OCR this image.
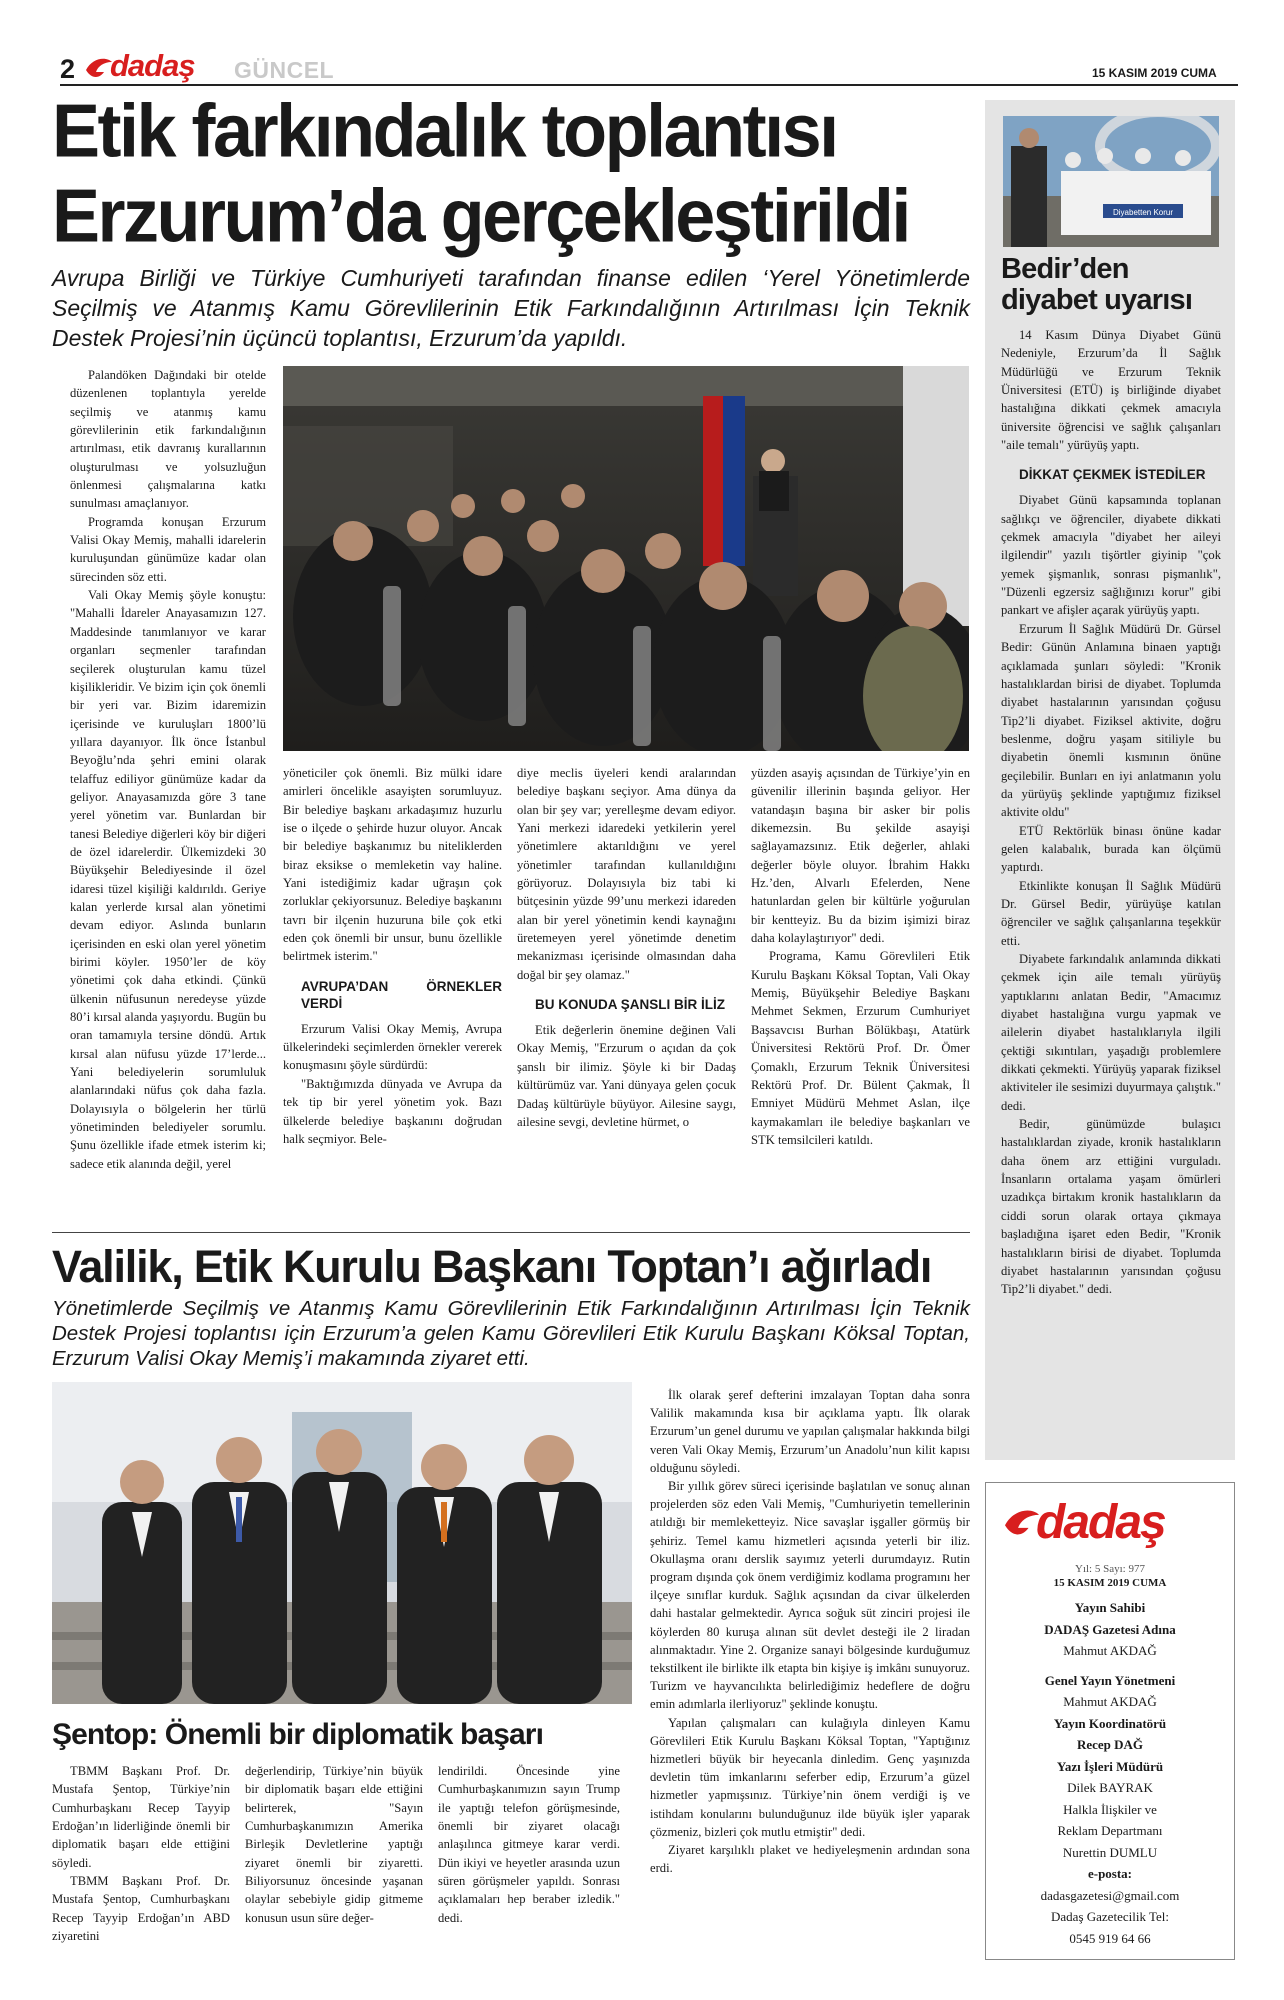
2 dadaş GÜNCEL	15 KASIM 2019 CUMA
Etik farkındalık toplantısı
Erzurum’da gerçekleştirildi
Avrupa Birliği ve Türkiye Cumhuriyeti tarafından finanse edilen ‘Yerel Yönetimlerde Seçilmiş ve Atanmış Kamu Görevlilerinin Etik Farkındalığının Artırılması İçin Teknik Destek Projesi’nin üçüncü toplantısı, Erzurum’da yapıldı.

Palandöken Dağındaki bir otelde düzenlenen toplantıyla yerelde seçilmiş ve atanmış kamu görevlilerinin etik farkındalığının artırılması, etik davranış kurallarının oluşturulması ve yolsuzluğun önlenmesi çalışmalarına katkı sunulması amaçlanıyor.

Programda konuşan Erzurum Valisi Okay Memiş, mahalli idarelerin kuruluşundan günümüze kadar olan sürecinden söz etti.

Vali Okay Memiş şöyle konuştu: "Mahalli İdareler Anayasamızın 127. Maddesinde tanımlanıyor ve karar organları seçmenler tarafından seçilerek oluşturulan kamu tüzel kişilikleridir. Ve bizim için çok önemli bir yeri var. Bizim idaremizin içerisinde ve kuruluşları 1800’lü yıllara dayanıyor. İlk önce İstanbul Beyoğlu’nda şehri emini olarak telaffuz ediliyor günümüze kadar da geliyor. Anayasamızda göre 3 tane yerel yönetim var. Bunlardan bir tanesi Belediye diğerleri köy bir diğeri de özel idarelerdir. Ülkemizdeki 30 Büyükşehir Belediyesinde il özel idaresi tüzel kişiliği kaldırıldı. Geriye kalan yerlerde kırsal alan yönetimi devam ediyor. Aslında bunların içerisinden en eski olan yerel yönetim birimi köyler. 1950’ler de köy yönetimi çok daha etkindi. Çünkü ülkenin nüfusunun neredeyse yüzde 80’i kırsal alanda yaşıyordu. Bugün bu oran tamamıyla tersine döndü. Artık kırsal alan nüfusu yüzde 17’lerde... Yani belediyelerin sorumluluk alanlarındaki nüfus çok daha fazla. Dolayısıyla o bölgelerin her türlü yönetiminden belediyeler sorumlu. Şunu özellikle ifade etmek isterim ki; sadece etik alanında değil, yerel

yöneticiler çok önemli. Biz mülki idare amirleri öncelikle asayişten sorumluyuz. Bir belediye başkanı arkadaşımız huzurlu ise o ilçede o şehirde huzur oluyor. Ancak bir belediye başkanımız bu niteliklerden biraz eksikse o memleketin vay haline. Yani istediğimiz kadar uğraşın çok zorluklar çekiyorsunuz. Belediye başkanını tavrı bir ilçenin huzuruna bile çok etki eden çok önemli bir unsur, bunu özellikle belirtmek isterim."

AVRUPA’DAN ÖRNEKLER VERDİ

Erzurum Valisi Okay Memiş, Avrupa ülkelerindeki seçimlerden örnekler vererek konuşmasını şöyle sürdürdü:

"Baktığımızda dünyada ve Avrupa da tek tip bir yerel yönetim yok. Bazı ülkelerde belediye başkanını doğrudan halk seçmiyor. Bele-

diye meclis üyeleri kendi aralarından belediye başkanı seçiyor. Ama dünya da olan bir şey var; yerelleşme devam ediyor. Yani merkezi idaredeki yetkilerin yerel yönetimlere aktarıldığını ve yerel yönetimler tarafından kullanıldığını görüyoruz. Dolayısıyla biz tabi ki bütçesinin yüzde 99’unu merkezi idareden alan bir yerel yönetimin kendi kaynağını üretemeyen yerel yönetimde denetim mekanizması içerisinde olmasından daha doğal bir şey olamaz."

BU KONUDA ŞANSLI BİR İLİZ

Etik değerlerin önemine değinen Vali Okay Memiş, "Erzurum o açıdan da çok şanslı bir ilimiz. Şöyle ki bir Dadaş kültürümüz var. Yani dünyaya gelen çocuk Dadaş kültürüyle büyüyor. Ailesine saygı, ailesine sevgi, devletine hürmet, o

yüzden asayiş açısından de Türkiye’yin en güvenilir illerinin başında geliyor. Her vatandaşın başına bir asker bir polis dikemezsin. Bu şekilde asayişi sağlayamazsınız. Etik değerler, ahlaki değerler böyle oluyor. İbrahim Hakkı Hz.’den, Alvarlı Efelerden, Nene hatunlardan gelen bir kültürle yoğurulan bir kentteyiz. Bu da bizim işimizi biraz daha kolaylaştırıyor" dedi.

Programa, Kamu Görevlileri Etik Kurulu Başkanı Köksal Toptan, Vali Okay Memiş, Büyükşehir Belediye Başkanı Mehmet Sekmen, Erzurum Cumhuriyet Başsavcısı Burhan Bölükbaşı, Atatürk Üniversitesi Rektörü Prof. Dr. Ömer Çomaklı, Erzurum Teknik Üniversitesi Rektörü Prof. Dr. Bülent Çakmak, İl Emniyet Müdürü Mehmet Aslan, ilçe kaymakamları ile belediye başkanları ve STK temsilcileri katıldı.

Diyabetten Korur
Bedir’den
diyabet uyarısı

14 Kasım Dünya Diyabet Günü Nedeniyle, Erzurum’da İl Sağlık Müdürlüğü ve Erzurum Teknik Üniversitesi (ETÜ) iş birliğinde diyabet hastalığına dikkati çekmek amacıyla üniversite öğrencisi ve sağlık çalışanları "aile temalı" yürüyüş yaptı.

DİKKAT ÇEKMEK İSTEDİLER

Diyabet Günü kapsamında toplanan sağlıkçı ve öğrenciler, diyabete dikkati çekmek amacıyla "diyabet her aileyi ilgilendir" yazılı tişörtler giyinip "çok yemek şişmanlık, sonrası pişmanlık", "Düzenli egzersiz sağlığınızı korur" gibi pankart ve afişler açarak yürüyüş yaptı.

Erzurum İl Sağlık Müdürü Dr. Gürsel Bedir: Günün Anlamına binaen yaptığı açıklamada şunları söyledi: "Kronik hastalıklardan birisi de diyabet. Toplumda diyabet hastalarının yarısından çoğusu Tip2’li diyabet. Fiziksel aktivite, doğru beslenme, doğru yaşam sitiliyle bu diyabetin önemli kısmının önüne geçilebilir. Bunları en iyi anlatmanın yolu da yürüyüş şeklinde yaptığımız fiziksel aktivite oldu"

ETÜ Rektörlük binası önüne kadar gelen kalabalık, burada kan ölçümü yaptırdı.

Etkinlikte konuşan İl Sağlık Müdürü Dr. Gürsel Bedir, yürüyüşe katılan öğrenciler ve sağlık çalışanlarına teşekkür etti.

Diyabete farkındalık anlamında dikkati çekmek için aile temalı yürüyüş yaptıklarını anlatan Bedir, "Amacımız diyabet hastalığına vurgu yapmak ve ailelerin diyabet hastalıklarıyla ilgili çektiği sıkıntıları, yaşadığı problemlere dikkati çekmekti. Yürüyüş yaparak fiziksel aktiviteler ile sesimizi duyurmaya çalıştık." dedi.

Bedir, günümüzde bulaşıcı hastalıklardan ziyade, kronik hastalıkların daha önem arz ettiğini vurguladı. İnsanların ortalama yaşam ömürleri uzadıkça birtakım kronik hastalıkların da ciddi sorun olarak ortaya çıkmaya başladığına işaret eden Bedir, "Kronik hastalıkların birisi de diyabet. Toplumda diyabet hastalarının yarısından çoğusu Tip2’li diyabet." dedi.

Valilik, Etik Kurulu Başkanı Toptan’ı ağırladı
Yönetimlerde Seçilmiş ve Atanmış Kamu Görevlilerinin Etik Farkındalığının Artırılması İçin Teknik Destek Projesi toplantısı için Erzurum’a gelen Kamu Görevlileri Etik Kurulu Başkanı Köksal Toptan, Erzurum Valisi Okay Memiş’i makamında ziyaret etti.

İlk olarak şeref defterini imzalayan Toptan daha sonra Valilik makamında kısa bir açıklama yaptı. İlk olarak Erzurum’un genel durumu ve yapılan çalışmalar hakkında bilgi veren Vali Okay Memiş, Erzurum’un Anadolu’nun kilit kapısı olduğunu söyledi.

Bir yıllık görev süreci içerisinde başlatılan ve sonuç alınan projelerden söz eden Vali Memiş, "Cumhuriyetin temellerinin atıldığı bir memleketteyiz. Nice savaşlar işgaller görmüş bir şehiriz. Temel kamu hizmetleri açısında yeterli bir iliz. Okullaşma oranı derslik sayımız yeterli durumdayız. Rutin program dışında çok önem verdiğimiz kodlama programını her ilçeye sınıflar kurduk. Sağlık açısından da civar ülkelerden dahi hastalar gelmektedir. Ayrıca soğuk süt zinciri projesi ile köylerden 80 kuruşa alınan süt devlet desteği ile 2 liradan alınmaktadır. Yine 2. Organize sanayi bölgesinde kurduğumuz tekstilkent ile birlikte ilk etapta bin kişiye iş imkânı sunuyoruz. Turizm ve hayvancılıkta belirlediğimiz hedeflere de doğru emin adımlarla ilerliyoruz" şeklinde konuştu.

Yapılan çalışmaları can kulağıyla dinleyen Kamu Görevlileri Etik Kurulu Başkanı Köksal Toptan, "Yaptığınız hizmetleri büyük bir heyecanla dinledim. Genç yaşınızda devletin tüm imkanlarını seferber edip, Erzurum’a güzel hizmetler yapmışsınız. Türkiye’nin önem verdiği iş ve istihdam konularını bulunduğunuz ilde büyük işler yaparak çözmeniz, bizleri çok mutlu etmiştir" dedi.

Ziyaret karşılıklı plaket ve hediyeleşmenin ardından sona erdi.

Şentop: Önemli bir diplomatik başarı

TBMM Başkanı Prof. Dr. Mustafa Şentop, Türkiye’nin Cumhurbaşkanı Recep Tayyip Erdoğan’ın liderliğinde önemli bir diplomatik başarı elde ettiğini söyledi.

TBMM Başkanı Prof. Dr. Mustafa Şentop, Cumhurbaşkanı Recep Tayyip Erdoğan’ın ABD ziyaretini

değerlendirip, Türkiye’nin büyük bir diplomatik başarı elde ettiğini belirterek, "Sayın Cumhurbaşkanımızın Amerika Birleşik Devletlerine yaptığı ziyaret önemli bir ziyaretti. Biliyorsunuz öncesinde yaşanan olaylar sebebiyle gidip gitmeme konusun usun süre değer-

lendirildi. Öncesinde yine Cumhurbaşkanımızın sayın Trump ile yaptığı telefon görüşmesinde, önemli bir ziyaret olacağı anlaşılınca gitmeye karar verdi. Dün ikiyi ve heyetler arasında uzun süren görüşmeler yapıldı. Sonrası açıklamaları hep beraber izledik." dedi.

dadaş
Yıl: 5 Sayı: 977
15 KASIM 2019 CUMA
Yayın Sahibi
DADAŞ Gazetesi Adına
Mahmut AKDAĞ
Genel Yayın Yönetmeni
Mahmut AKDAĞ
Yayın Koordinatörü
Recep DAĞ
Yazı İşleri Müdürü
Dilek BAYRAK
Halkla İlişkiler ve
Reklam Departmanı
Nurettin DUMLU
e-posta:
dadasgazetesi@gmail.com
Dadaş Gazetecilik Tel:
0545 919 64 66
